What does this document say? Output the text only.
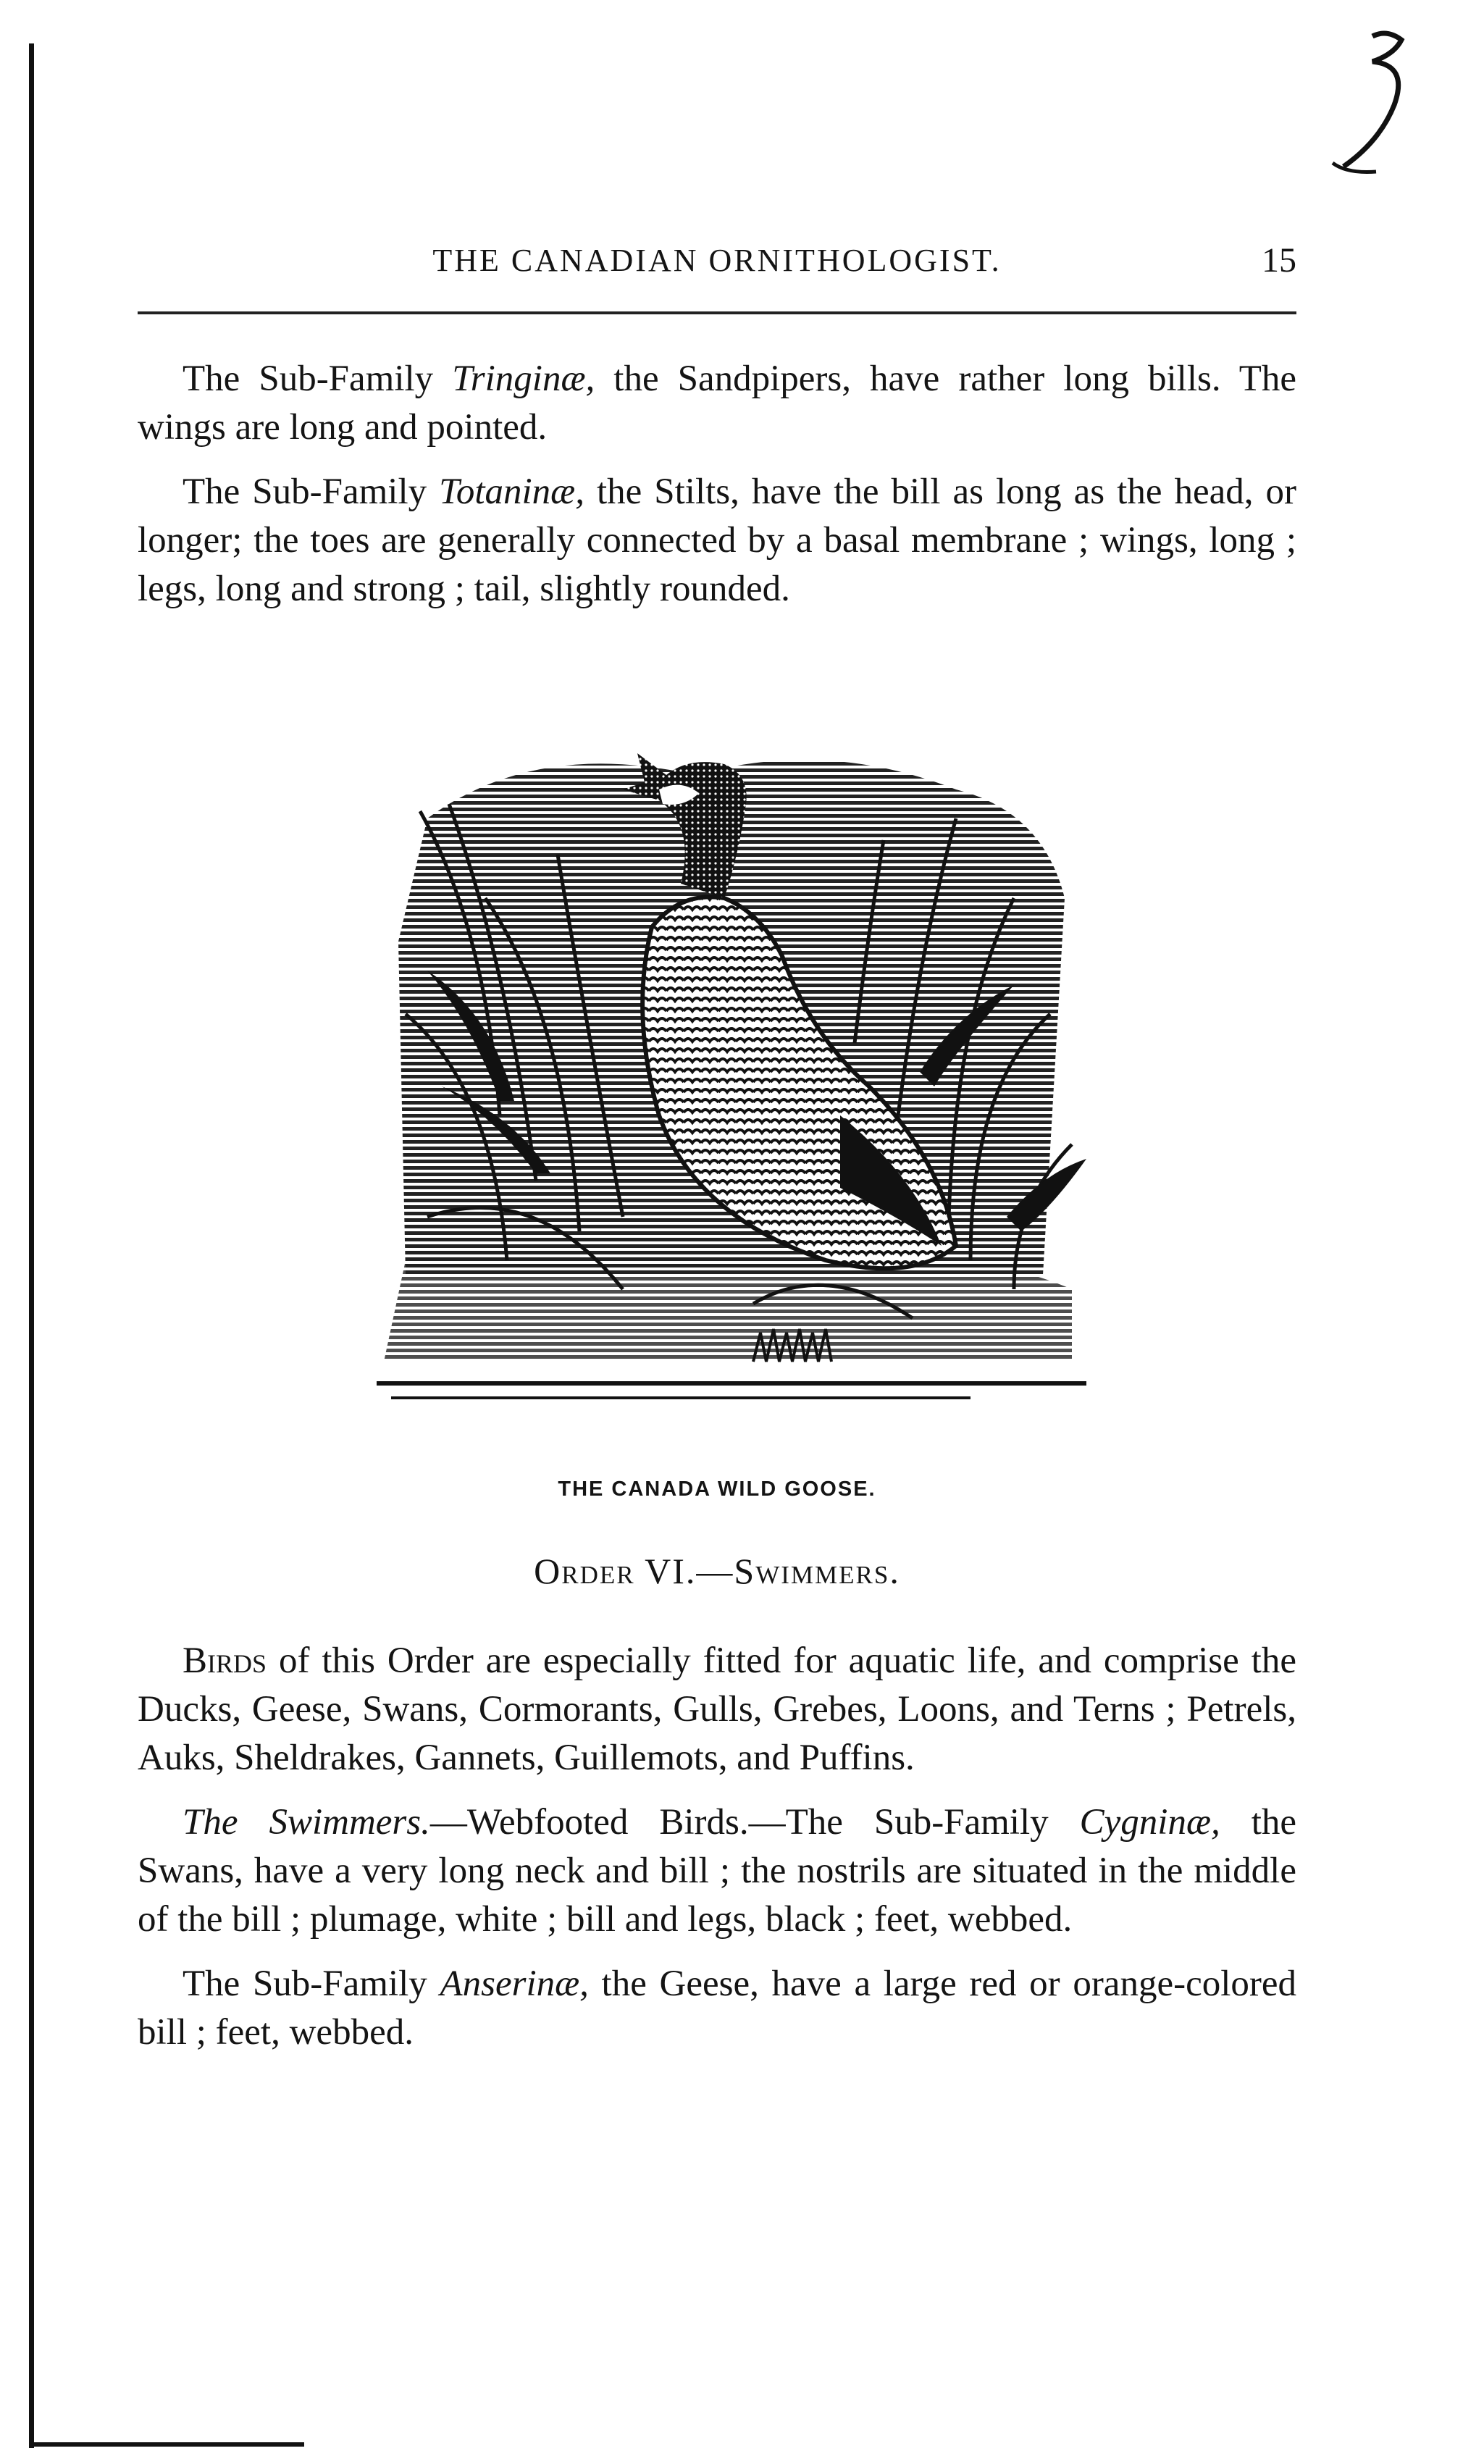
THE CANADIAN ORNITHOLOGIST.	15

The Sub-Family Tringinæ, the Sandpipers, have rather long bills. The wings are long and pointed.

The Sub-Family Totaninæ, the Stilts, have the bill as long as the head, or longer; the toes are generally connected by a basal membrane ; wings, long ; legs, long and strong ; tail, slightly rounded.

THE CANADA WILD GOOSE.
Order VI.—Swimmers.

Birds of this Order are especially fitted for aquatic life, and comprise the Ducks, Geese, Swans, Cormorants, Gulls, Grebes, Loons, and Terns ; Petrels, Auks, Sheldrakes, Gannets, Guillemots, and Puffins.

The Swimmers.—Webfooted Birds.—The Sub-Family Cygninæ, the Swans, have a very long neck and bill ; the nostrils are situated in the middle of the bill ; plumage, white ; bill and legs, black ; feet, webbed.

The Sub-Family Anserinæ, the Geese, have a large red or orange-colored bill ; feet, webbed.
